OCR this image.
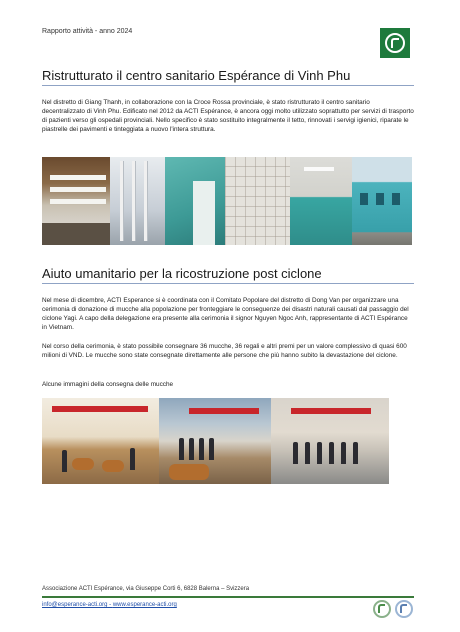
Rapporto attività - anno 2024
Ristrutturato il centro sanitario Espérance di Vinh Phu

Nel distretto di Giang Thanh, in collaborazione con la Croce Rossa provinciale, è stato ristrutturato il centro sanitario decentralizzato di Vinh Phu. Edificato nel 2012 da ACTI Espérance, è ancora oggi molto utilizzato soprattutto per servizi di trasporto di pazienti verso gli ospedali provinciali. Nello specifico è stato sostituito integralmente il tetto, rinnovati i servigi igienici, riparate le piastrelle dei pavimenti e tinteggiata a nuovo l'intera struttura.

Aiuto umanitario per la ricostruzione post ciclone

Nel mese di dicembre, ACTI Esperance si è coordinata con il Comitato Popolare del distretto di Dong Van per organizzare una cerimonia di donazione di mucche alla popolazione per fronteggiare le conseguenze dei disastri naturali causati dal passaggio del ciclone Yagi. A capo della delegazione era presente alla cerimonia il signor Nguyen Ngoc Anh, rappresentante di ACTI Espérance in Vietnam.

Nel corso della cerimonia, è stato possibile consegnare 36 mucche, 36 regali e altri premi per un valore complessivo di quasi 600 milioni di VND. Le mucche sono state consegnate direttamente alle persone che più hanno subito la devastazione del ciclone.

Alcune immagini della consegna delle mucche

Associazione ACTI Espérance, via Giuseppe Corti 6, 6828 Balerna – Svizzera
info@esperance-acti.org - www.esperance-acti.org
